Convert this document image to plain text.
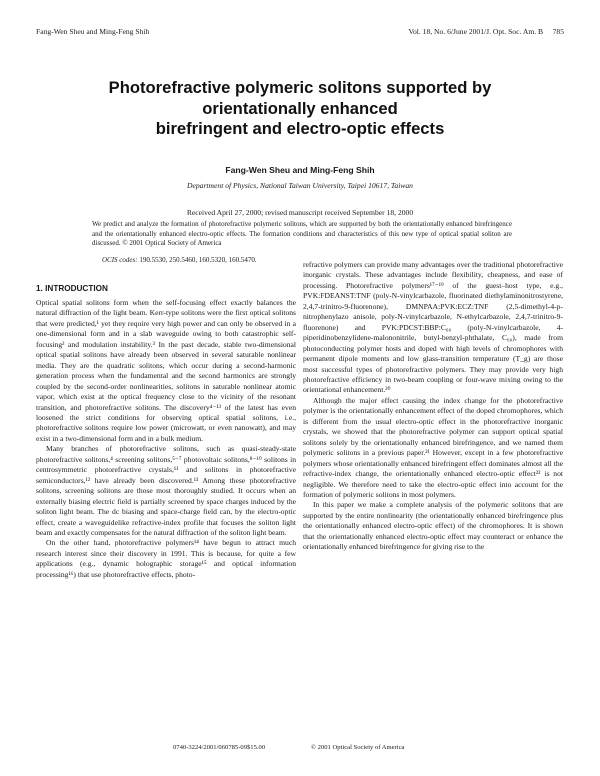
Fang-Wen Sheu and Ming-Feng Shih	Vol. 18, No. 6/June 2001/J. Opt. Soc. Am. B 785
Photorefractive polymeric solitons supported by
orientationally enhanced
birefringent and electro-optic effects
Fang-Wen Sheu and Ming-Feng Shih
Department of Physics, National Taiwan University, Taipei 10617, Taiwan
Received April 27, 2000; revised manuscript received September 18, 2000
We predict and analyze the formation of photorefractive polymeric solitons, which are supported by both the orientationally enhanced birefringence and the orientationally enhanced electro-optic effects. The formation conditions and characteristics of this new type of optical spatial soliton are discussed. © 2001 Optical Society of America
OCIS codes: 190.5530, 250.5460, 160.5320, 160.5470.
1. INTRODUCTION

Optical spatial solitons form when the self-focusing effect exactly balances the natural diffraction of the light beam. Kerr-type solitons were the first optical solitons that were predicted,¹ yet they require very high power and can only be observed in a one-dimensional form and in a slab waveguide owing to both catastrophic self-focusing² and modulation instability.³ In the past decade, stable two-dimensional optical spatial solitons have already been observed in several saturable nonlinear media. They are the quadratic solitons, which occur during a second-harmonic generation process when the fundamental and the second harmonics are strongly coupled by the second-order nonlinearities, solitons in saturable nonlinear atomic vapor, which exist at the optical frequency close to the vicinity of the resonant transition, and photorefractive solitons. The discovery⁴⁻¹³ of the latest has even loosened the strict conditions for observing optical spatial solitons, i.e., photorefractive solitons require low power (microwatt, or even nanowatt), and may exist in a two-dimensional form and in a bulk medium.

Many branches of photorefractive solitons, such as quasi-steady-state photorefractive solitons,⁴ screening solitons,⁵⁻⁷ photovoltaic solitons,⁸⁻¹⁰ solitons in centrosymmetric photorefractive crystals,¹¹ and solitons in photorefractive semiconductors,¹² have already been discovered.¹³ Among these photorefractive solitons, screening solitons are those most thoroughly studied. It occurs when an externally biasing electric field is partially screened by space charges induced by the soliton light beam. The dc biasing and space-charge field can, by the electro-optic effect, create a waveguidelike refractive-index profile that focuses the soliton light beam and exactly compensates for the natural diffraction of the soliton light beam.

On the other hand, photorefractive polymers¹⁴ have begun to attract much research interest since their discovery in 1991. This is because, for quite a few applications (e.g., dynamic holographic storage¹⁵ and optical information processing¹⁶) that use photorefractive effects, photo-

refractive polymers can provide many advantages over the traditional photorefractive inorganic crystals. These advantages include flexibility, cheapness, and ease of processing. Photorefractive polymers¹⁷⁻¹⁹ of the guest–host type, e.g., PVK:FDEANST:TNF (poly-N-vinylcarbazole, fluorinated diethylaminonitrostyrene, 2,4,7-trinitro-9-fluorenone), DMNPAA:PVK:ECZ:TNF (2,5-dimethyl-4-p-nitrophenylazo anisole, poly-N-vinylcarbazole, N-ethylcarbazole, 2,4,7-trinitro-9-fluorenone) and PVK:PDCST:BBP:C₆₀ (poly-N-vinylcarbazole, 4-piperidinobenzylidene-malononitrile, butyl-benzyl-phthalate, C₆₀), made from photoconducting polymer hosts and doped with high levels of chromophores with permanent dipole moments and low glass-transition temperature (T_g) are those most successful types of photorefractive polymers. They may provide very high photorefractive efficiency in two-beam coupling or four-wave mixing owing to the orientational enhancement.²⁰

Although the major effect causing the index change for the photorefractive polymer is the orientationally enhancement effect of the doped chromophores, which is different from the usual electro-optic effect in the photorefractive inorganic crystals, we showed that the photorefractive polymer can support optical spatial solitons solely by the orientationally enhanced birefringence, and we named them polymeric solitons in a previous paper.²¹ However, except in a few photorefractive polymers whose orientationally enhanced birefringent effect dominates almost all the refractive-index change, the orientationally enhanced electro-optic effect²² is not negligible. We therefore need to take the electro-optic effect into account for the formation of polymeric solitons in most polymers.

In this paper we make a complete analysis of the polymeric solitons that are supported by the entire nonlinearity (the orientationally enhanced birefringence plus the orientationally enhanced electro-optic effect) of the chromophores. It is shown that the orientationally enhanced electro-optic effect may counteract or enhance the orientationally enhanced birefringence for giving rise to the

0740-3224/2001/060785-09$15.00	© 2001 Optical Society of America
